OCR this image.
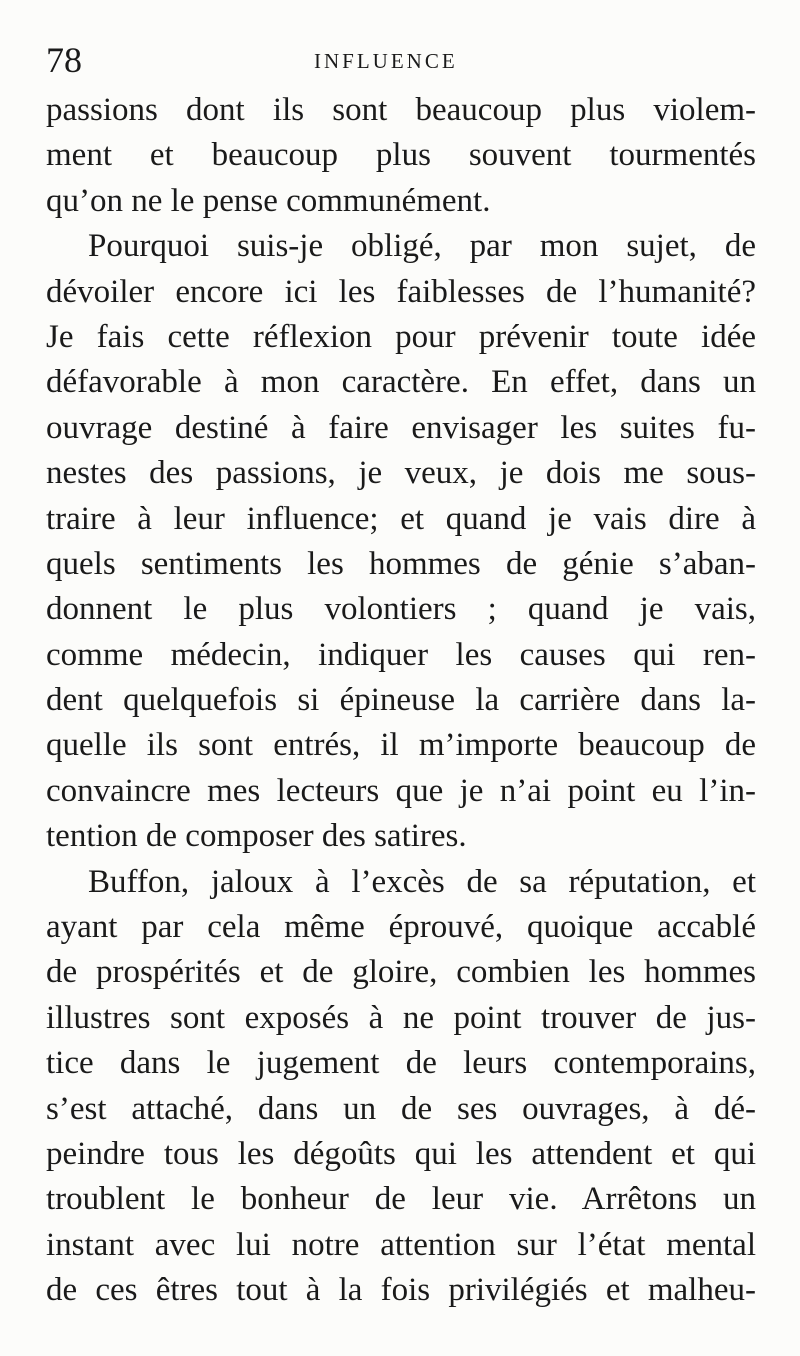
78	INFLUENCE
passions dont ils sont beaucoup plus violem-
ment et beaucoup plus souvent tourmentés
qu’on ne le pense communément.
Pourquoi suis-je obligé, par mon sujet, de
dévoiler encore ici les faiblesses de l’humanité?
Je fais cette réflexion pour prévenir toute idée
défavorable à mon caractère. En effet, dans un
ouvrage destiné à faire envisager les suites fu-
nestes des passions, je veux, je dois me sous-
traire à leur influence; et quand je vais dire à
quels sentiments les hommes de génie s’aban-
donnent le plus volontiers ; quand je vais,
comme médecin, indiquer les causes qui ren-
dent quelquefois si épineuse la carrière dans la-
quelle ils sont entrés, il m’importe beaucoup de
convaincre mes lecteurs que je n’ai point eu l’in-
tention de composer des satires.
Buffon, jaloux à l’excès de sa réputation, et
ayant par cela même éprouvé, quoique accablé
de prospérités et de gloire, combien les hommes
illustres sont exposés à ne point trouver de jus-
tice dans le jugement de leurs contemporains,
s’est attaché, dans un de ses ouvrages, à dé-
peindre tous les dégoûts qui les attendent et qui
troublent le bonheur de leur vie. Arrêtons un
instant avec lui notre attention sur l’état mental
de ces êtres tout à la fois privilégiés et malheu-
